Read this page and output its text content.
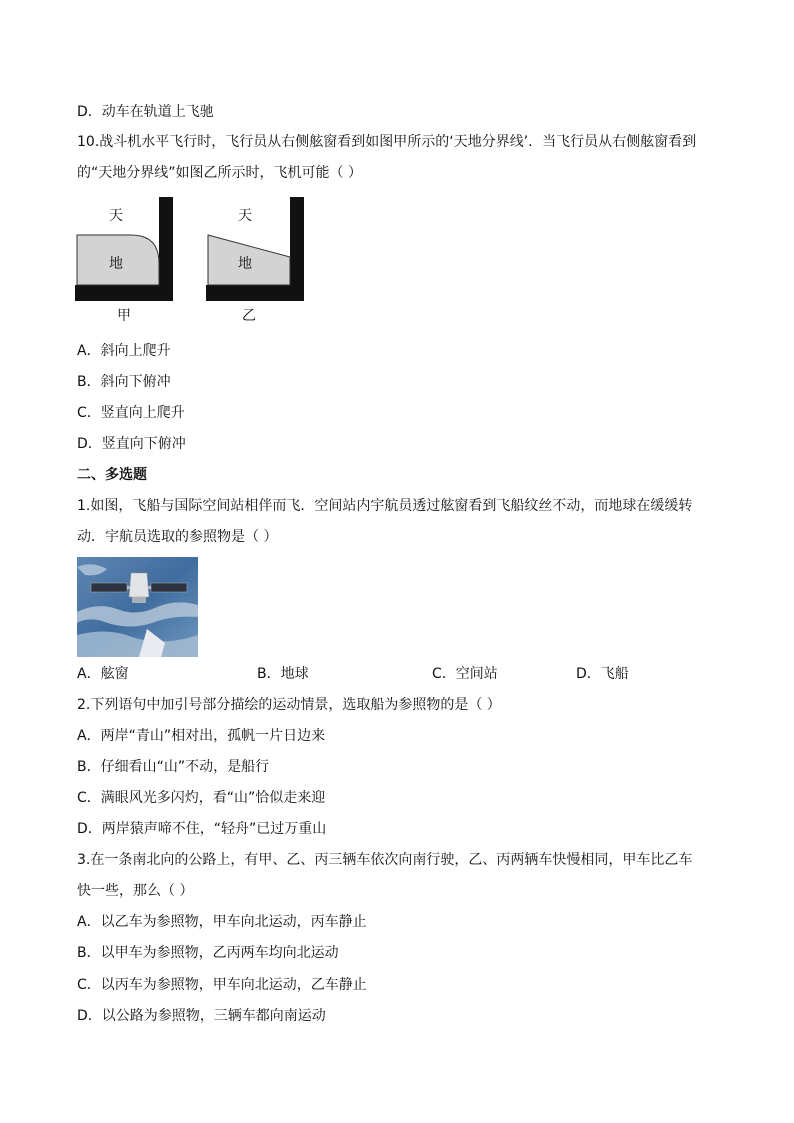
D．动车在轨道上飞驰
10.战斗机水平飞行时，飞行员从右侧舷窗看到如图甲所示的‘天地分界线’．当飞行员从右侧舷窗看到
的“天地分界线”如图乙所示时，飞机可能（ ）
天
地
甲
天
地
乙
A．斜向上爬升
B．斜向下俯冲
C．竖直向上爬升
D．竖直向下俯冲
二、多选题
1.如图，飞船与国际空间站相伴而飞．空间站内宇航员透过舷窗看到飞船纹丝不动，而地球在缓缓转
动．宇航员选取的参照物是（ ）
A．舷窗	B．地球	C．空间站	D．飞船
2.下列语句中加引号部分描绘的运动情景，选取船为参照物的是（ ）
A．两岸“青山”相对出，孤帆一片日边来
B．仔细看山“山”不动，是船行
C．满眼风光多闪灼，看“山”恰似走来迎
D．两岸猿声啼不住，“轻舟”已过万重山
3.在一条南北向的公路上，有甲、乙、丙三辆车依次向南行驶，乙、丙两辆车快慢相同，甲车比乙车
快一些，那么（ ）
A．以乙车为参照物，甲车向北运动，丙车静止
B．以甲车为参照物，乙丙两车均向北运动
C．以丙车为参照物，甲车向北运动，乙车静止
D．以公路为参照物，三辆车都向南运动
